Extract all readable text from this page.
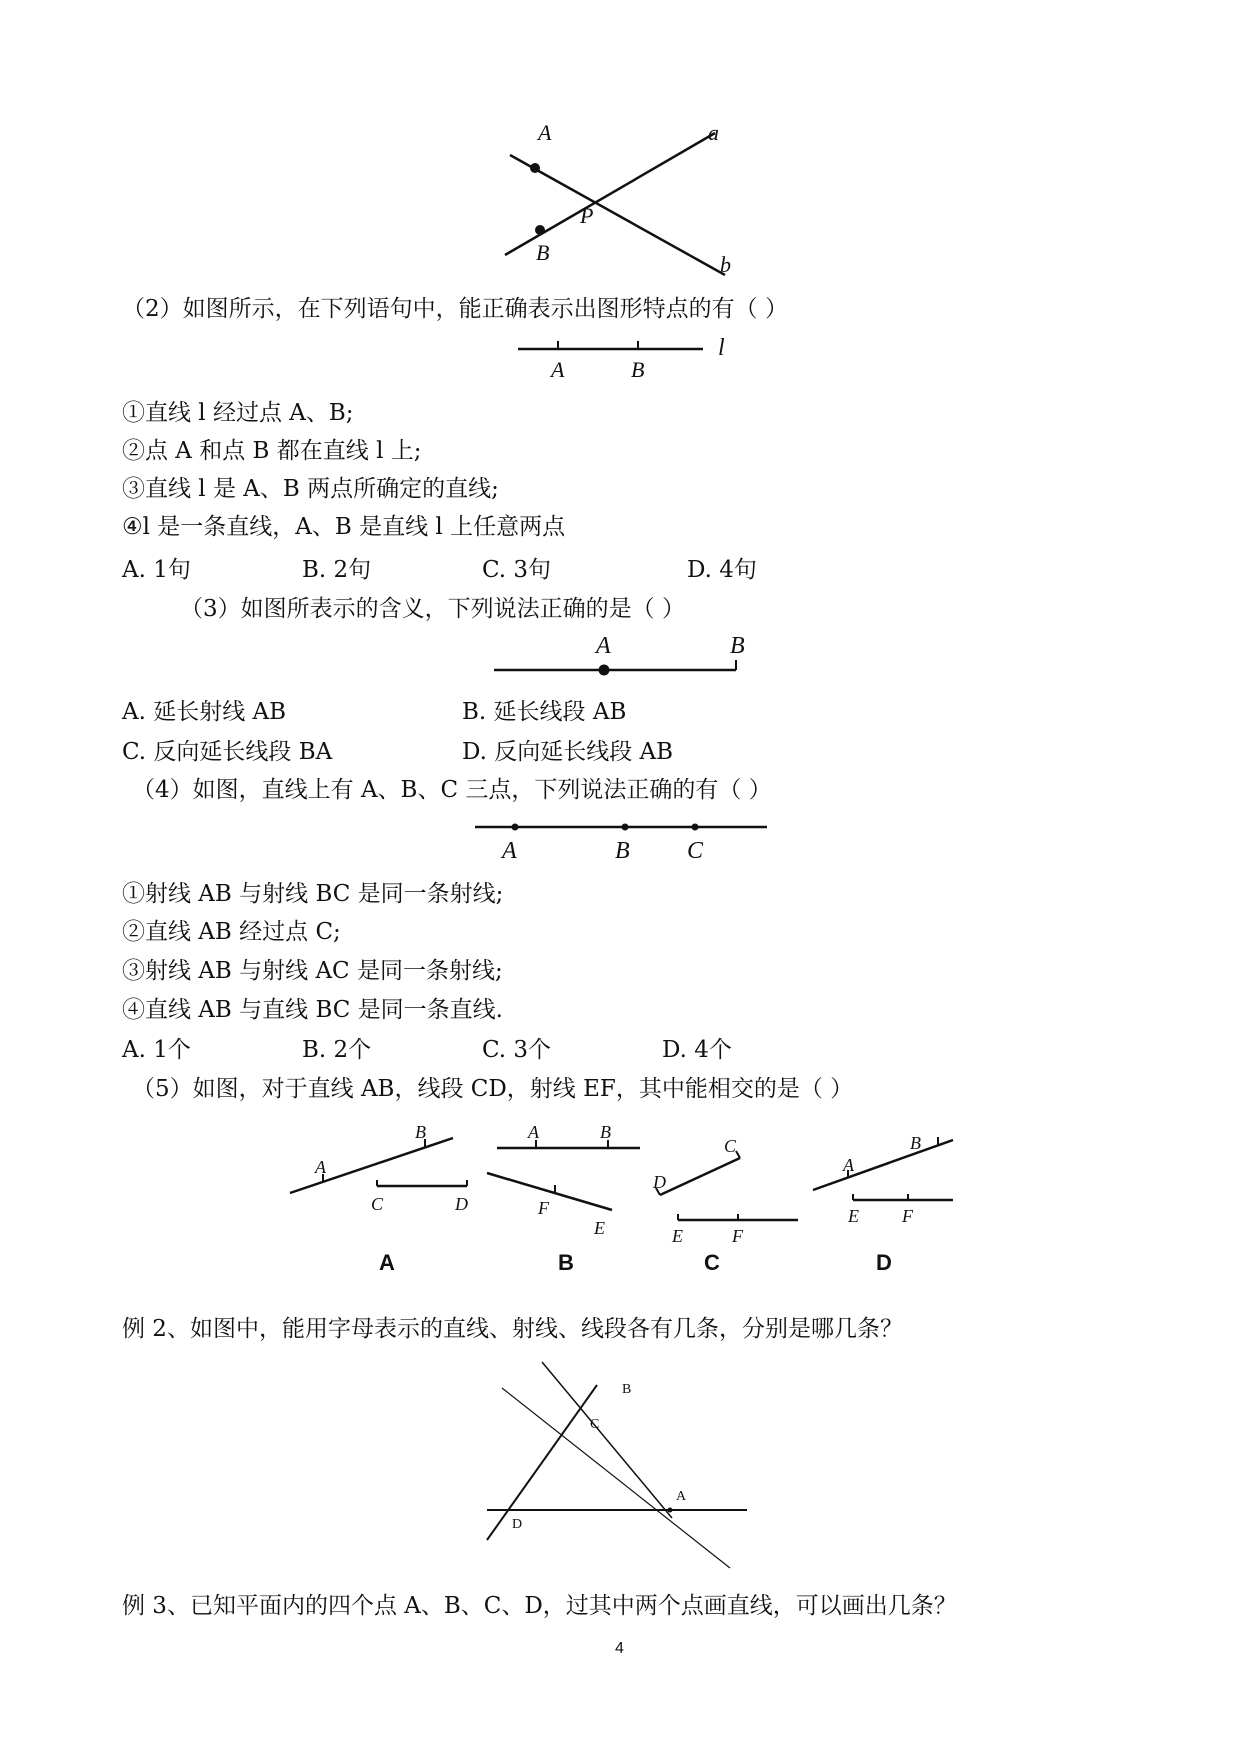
A
B
P
a
b
（2）如图所示，在下列语句中，能正确表示出图形特点的有（ ）
A	B
l
①直线 l 经过点 A、B;
②点 A 和点 B 都在直线 l 上;
③直线 l 是 A、B 两点所确定的直线;
④l 是一条直线，A、B 是直线 l 上任意两点
A. 1句	B. 2句	C. 3句	D. 4句
（3）如图所表示的含义，下列说法正确的是（ ）
A	B
A. 延长射线 AB	B. 延长线段 AB
C. 反向延长线段 BA	D. 反向延长线段 AB
（4）如图，直线上有 A、B、C 三点，下列说法正确的有（ ）
A	B C
①射线 AB 与射线 BC 是同一条射线;
②直线 AB 经过点 C;
③射线 AB 与射线 AC 是同一条射线;
④直线 AB 与直线 BC 是同一条直线.
A. 1个	B. 2个	C. 3个	D. 4个
（5）如图，对于直线 AB，线段 CD，射线 EF，其中能相交的是（ ）
A
B
C	D
A
A	B
F
E
B
C
D
E	F
C
A
B
E F
D
例 2、如图中，能用字母表示的直线、射线、线段各有几条，分别是哪几条？
B
C
A
D
例 3、已知平面内的四个点 A、B、C、D，过其中两个点画直线，可以画出几条？
4
